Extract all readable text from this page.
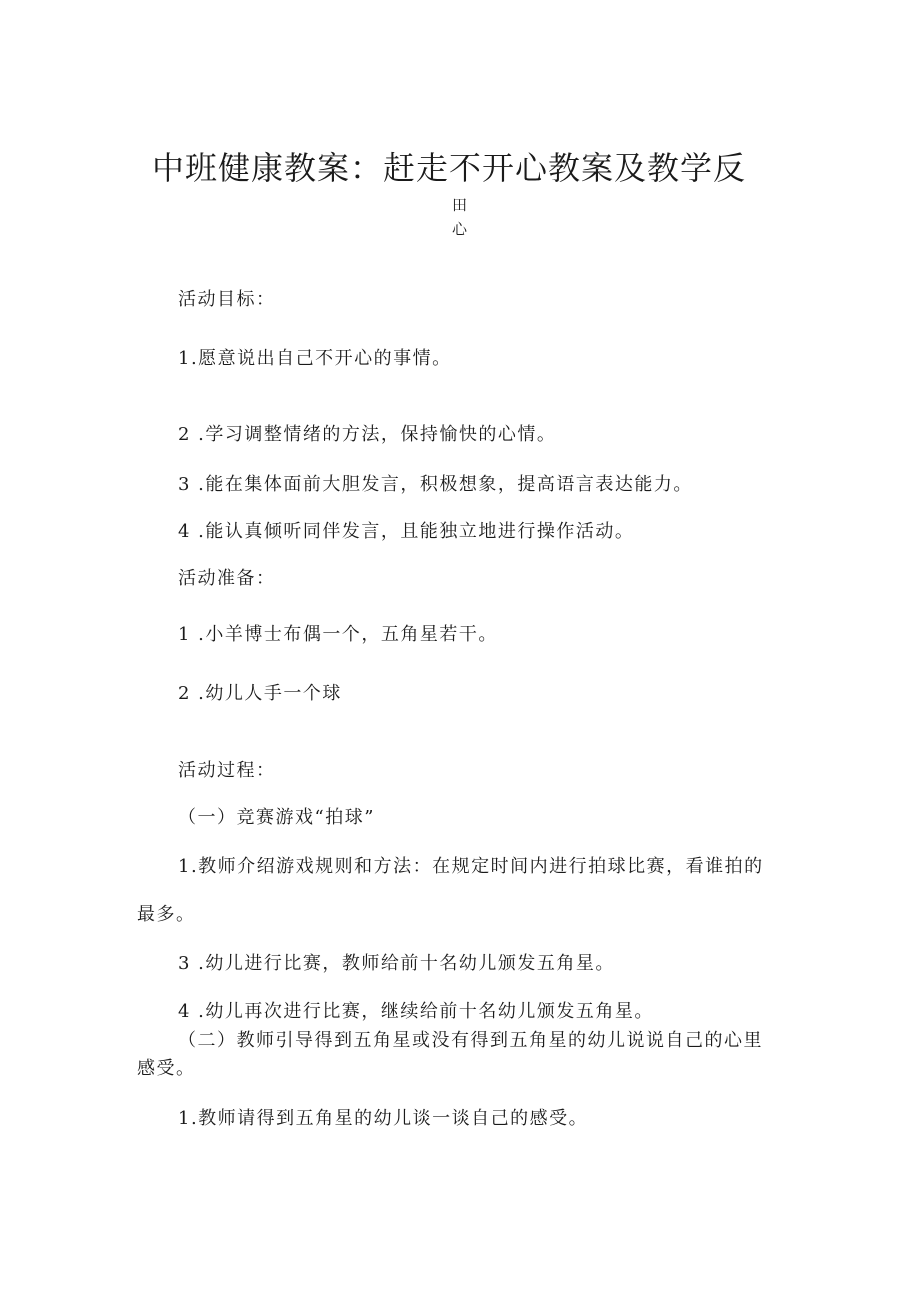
中班健康教案：赶走不开心教案及教学反
田
心
活动目标：
1.愿意说出自己不开心的事情。
2 .学习调整情绪的方法，保持愉快的心情。
3 .能在集体面前大胆发言，积极想象，提高语言表达能力。
4 .能认真倾听同伴发言，且能独立地进行操作活动。
活动准备：
1 .小羊博士布偶一个，五角星若干。
2 .幼儿人手一个球
活动过程：
（一）竞赛游戏“拍球”
1.教师介绍游戏规则和方法：在规定时间内进行拍球比赛，看谁拍的
最多。
3 .幼儿进行比赛，教师给前十名幼儿颁发五角星。
4 .幼儿再次进行比赛，继续给前十名幼儿颁发五角星。
（二）教师引导得到五角星或没有得到五角星的幼儿说说自己的心里
感受。
1.教师请得到五角星的幼儿谈一谈自己的感受。
